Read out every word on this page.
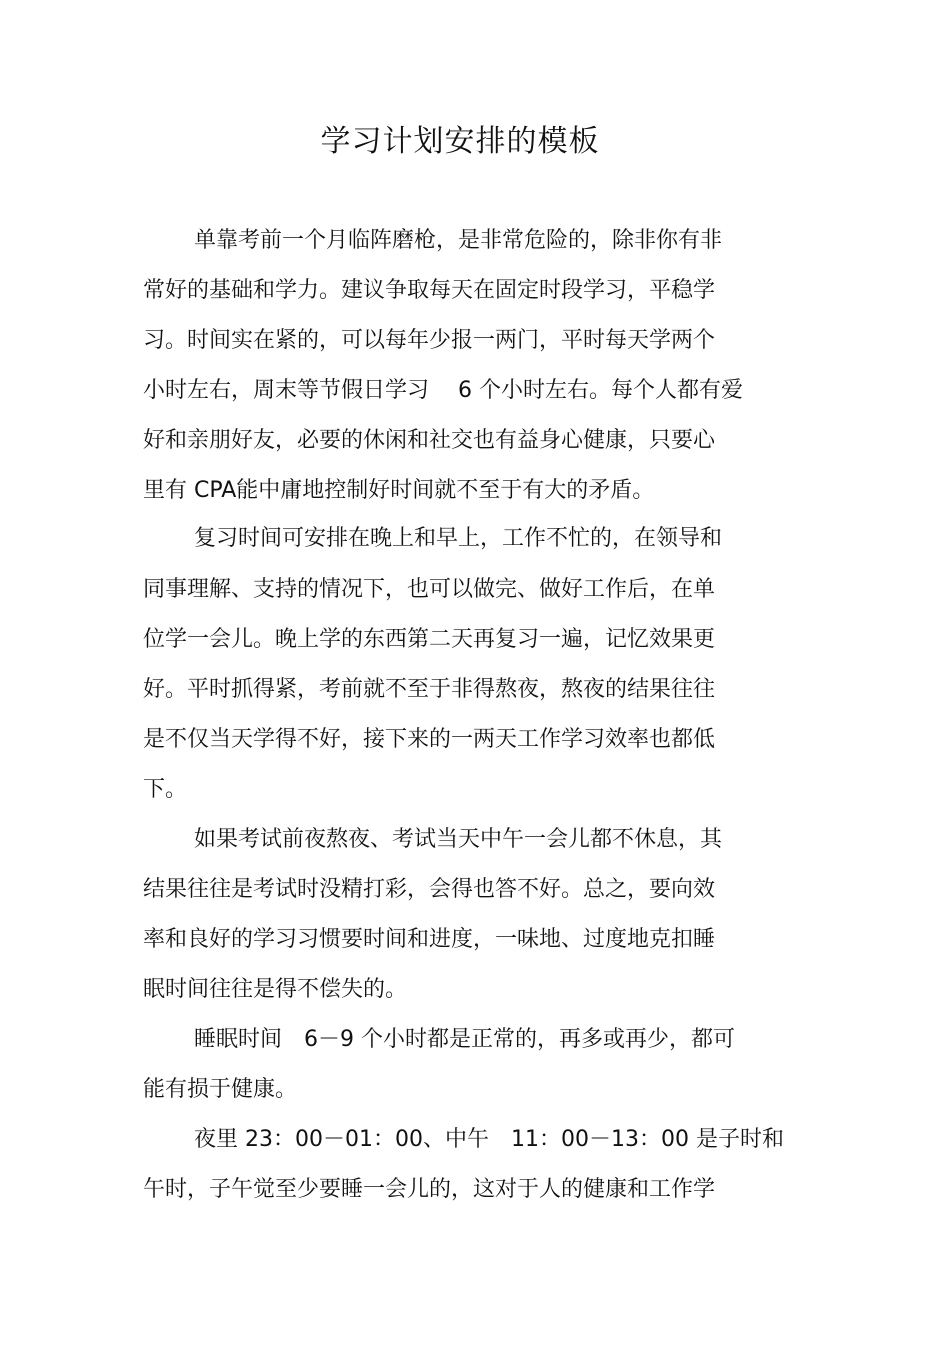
学习计划安排的模板
单靠考前一个月临阵磨枪，是非常危险的，除非你有非
常好的基础和学力。建议争取每天在固定时段学习，平稳学
习。时间实在紧的，可以每年少报一两门，平时每天学两个
小时左右，周末等节假日学习　 6 个小时左右。每个人都有爱
好和亲朋好友，必要的休闲和社交也有益身心健康，只要心
里有 CPA能中庸地控制好时间就不至于有大的矛盾。
复习时间可安排在晚上和早上，工作不忙的，在领导和
同事理解、支持的情况下，也可以做完、做好工作后，在单
位学一会儿。晚上学的东西第二天再复习一遍，记忆效果更
好。平时抓得紧，考前就不至于非得熬夜，熬夜的结果往往
是不仅当天学得不好，接下来的一两天工作学习效率也都低
下。
如果考试前夜熬夜、考试当天中午一会儿都不休息，其
结果往往是考试时没精打彩，会得也答不好。总之，要向效
率和良好的学习习惯要时间和进度，一味地、过度地克扣睡
眠时间往往是得不偿失的。
睡眠时间　6－9 个小时都是正常的，再多或再少，都可
能有损于健康。
夜里 23：00－01：00、中午　11：00－13：00 是子时和
午时，子午觉至少要睡一会儿的，这对于人的健康和工作学
